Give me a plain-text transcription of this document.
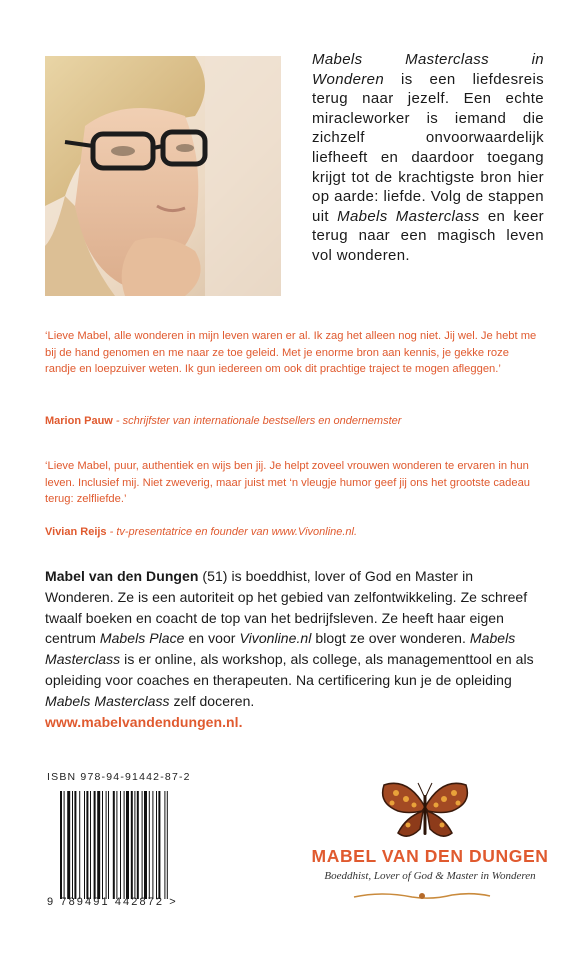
Mabels Masterclass in Wonderen is een liefdesreis terug naar jezelf. Een echte miracleworker is iemand die zichzelf onvoorwaardelijk liefheeft en daardoor toegang krijgt tot de krachtigste bron hier op aarde: liefde. Volg de stappen uit Mabels Masterclass en keer terug naar een magisch leven vol wonderen.
‘Lieve Mabel, alle wonderen in mijn leven waren er al. Ik zag het alleen nog niet. Jij wel. Je hebt me bij de hand genomen en me naar ze toe geleid. Met je enorme bron aan kennis, je gekke roze randje en loepzuiver weten. Ik gun iedereen om ook dit prachtige traject te mogen afleggen.’
Marion Pauw - schrijfster van internationale bestsellers en ondernemster
‘Lieve Mabel, puur, authentiek en wijs ben jij. Je helpt zoveel vrouwen wonderen te ervaren in hun leven. Inclusief mij. Niet zweverig, maar juist met ‘n vleugje humor geef jij ons het grootste cadeau terug: zelfliefde.’
Vivian Reijs - tv-presentatrice en founder van www.Vivonline.nl.
Mabel van den Dungen (51) is boeddhist, lover of God en Master in Wonderen. Ze is een autoriteit op het gebied van zelfontwikkeling. Ze schreef twaalf boeken en coacht de top van het bedrijfsleven. Ze heeft haar eigen centrum Mabels Place en voor Vivonline.nl blogt ze over wonderen. Mabels Masterclass is er online, als workshop, als college, als managementtool en als opleiding voor coaches en therapeuten. Na certificering kun je de opleiding Mabels Masterclass zelf doceren.
www.mabelvandendungen.nl.
ISBN 978-94-91442-87-2
9 789491 442872 >
MABEL VAN DEN DUNGEN
Boeddhist, Lover of God & Master in Wonderen
